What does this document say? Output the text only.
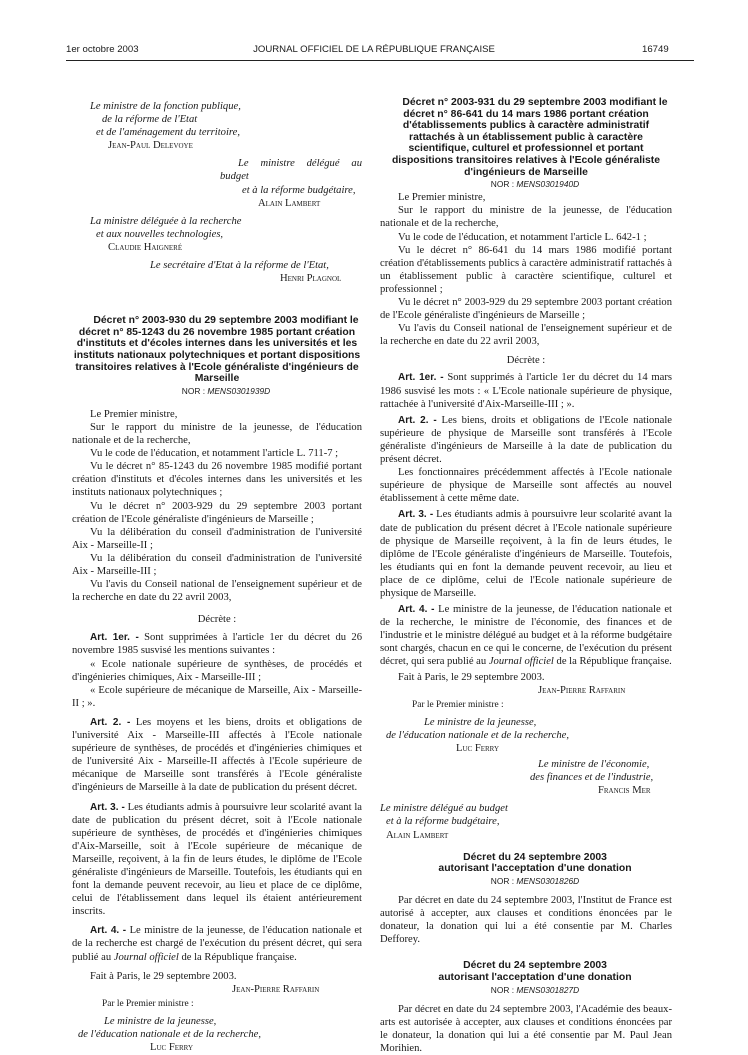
1er octobre 2003	JOURNAL OFFICIEL DE LA RÉPUBLIQUE FRANÇAISE	16749

Le ministre de la fonction publique,

de la réforme de l'Etat

et de l'aménagement du territoire,

Jean-Paul Delevoye

Le ministre délégué au budget

et à la réforme budgétaire,

Alain Lambert

La ministre déléguée à la recherche

et aux nouvelles technologies,

Claudie Haigneré

Le secrétaire d'Etat à la réforme de l'Etat,

Henri Plagnol

Décret n° 2003-930 du 29 septembre 2003 modifiant le décret n° 85-1243 du 26 novembre 1985 portant création d'instituts et d'écoles internes dans les universités et les instituts nationaux polytechniques et portant dispositions transitoires relatives à l'Ecole généraliste d'ingénieurs de Marseille

NOR : MENS0301939D

Le Premier ministre,

Sur le rapport du ministre de la jeunesse, de l'éducation nationale et de la recherche,

Vu le code de l'éducation, et notamment l'article L. 711-7 ;

Vu le décret n° 85-1243 du 26 novembre 1985 modifié portant création d'instituts et d'écoles internes dans les universités et les instituts nationaux polytechniques ;

Vu le décret n° 2003-929 du 29 septembre 2003 portant création de l'Ecole généraliste d'ingénieurs de Marseille ;

Vu la délibération du conseil d'administration de l'université Aix - Marseille-II ;

Vu la délibération du conseil d'administration de l'université Aix - Marseille-III ;

Vu l'avis du Conseil national de l'enseignement supérieur et de la recherche en date du 22 avril 2003,

Décrète :

Art. 1er. - Sont supprimées à l'article 1er du décret du 26 novembre 1985 susvisé les mentions suivantes :

« Ecole nationale supérieure de synthèses, de procédés et d'ingénieries chimiques, Aix - Marseille-III ;

« Ecole supérieure de mécanique de Marseille, Aix - Marseille-II ; ».

Art. 2. - Les moyens et les biens, droits et obligations de l'université Aix - Marseille-III affectés à l'Ecole nationale supérieure de synthèses, de procédés et d'ingénieries chimiques et de l'université Aix - Marseille-II affectés à l'Ecole supérieure de mécanique de Marseille sont transférés à l'Ecole généraliste d'ingénieurs de Marseille à la date de publication du présent décret.

Art. 3. - Les étudiants admis à poursuivre leur scolarité avant la date de publication du présent décret, soit à l'Ecole nationale supérieure de synthèses, de procédés et d'ingénieries chimiques d'Aix-Marseille, soit à l'Ecole supérieure de mécanique de Marseille, reçoivent, à la fin de leurs études, le diplôme de l'Ecole généraliste d'ingénieurs de Marseille. Toutefois, les étudiants qui en font la demande peuvent recevoir, au lieu et place de ce diplôme, celui de l'établissement dans lequel ils étaient antérieurement inscrits.

Art. 4. - Le ministre de la jeunesse, de l'éducation nationale et de la recherche est chargé de l'exécution du présent décret, qui sera publié au Journal officiel de la République française.

Fait à Paris, le 29 septembre 2003.

Jean-Pierre Raffarin

Par le Premier ministre :

Le ministre de la jeunesse,

de l'éducation nationale et de la recherche,

Luc Ferry

Décret n° 2003-931 du 29 septembre 2003 modifiant le décret n° 86-641 du 14 mars 1986 portant création d'établissements publics à caractère administratif rattachés à un établissement public à caractère scientifique, culturel et professionnel et portant dispositions transitoires relatives à l'Ecole généraliste d'ingénieurs de Marseille

NOR : MENS0301940D

Le Premier ministre,

Sur le rapport du ministre de la jeunesse, de l'éducation nationale et de la recherche,

Vu le code de l'éducation, et notamment l'article L. 642-1 ;

Vu le décret n° 86-641 du 14 mars 1986 modifié portant création d'établissements publics à caractère administratif rattachés à un établissement public à caractère scientifique, culturel et professionnel ;

Vu le décret n° 2003-929 du 29 septembre 2003 portant création de l'Ecole généraliste d'ingénieurs de Marseille ;

Vu l'avis du Conseil national de l'enseignement supérieur et de la recherche en date du 22 avril 2003,

Décrète :

Art. 1er. - Sont supprimés à l'article 1er du décret du 14 mars 1986 susvisé les mots : « L'Ecole nationale supérieure de physique, rattachée à l'université d'Aix-Marseille-III ; ».

Art. 2. - Les biens, droits et obligations de l'Ecole nationale supérieure de physique de Marseille sont transférés à l'Ecole généraliste d'ingénieurs de Marseille à la date de publication du présent décret.

Les fonctionnaires précédemment affectés à l'Ecole nationale supérieure de physique de Marseille sont affectés au nouvel établissement à cette même date.

Art. 3. - Les étudiants admis à poursuivre leur scolarité avant la date de publication du présent décret à l'Ecole nationale supérieure de physique de Marseille reçoivent, à la fin de leurs études, le diplôme de l'Ecole généraliste d'ingénieurs de Marseille. Toutefois, les étudiants qui en font la demande peuvent recevoir, au lieu et place de ce diplôme, celui de l'Ecole nationale supérieure de physique de Marseille.

Art. 4. - Le ministre de la jeunesse, de l'éducation nationale et de la recherche, le ministre de l'économie, des finances et de l'industrie et le ministre délégué au budget et à la réforme budgétaire sont chargés, chacun en ce qui le concerne, de l'exécution du présent décret, qui sera publié au Journal officiel de la République française.

Fait à Paris, le 29 septembre 2003.

Jean-Pierre Raffarin

Par le Premier ministre :

Le ministre de la jeunesse,

de l'éducation nationale et de la recherche,

Luc Ferry

Le ministre de l'économie,

des finances et de l'industrie,

Francis Mer

Le ministre délégué au budget

et à la réforme budgétaire,

Alain Lambert

Décret du 24 septembre 2003

autorisant l'acceptation d'une donation

NOR : MENS0301826D

Par décret en date du 24 septembre 2003, l'Institut de France est autorisé à accepter, aux clauses et conditions énoncées par le donateur, la donation qui lui a été consentie par M. Charles Defforey.

Décret du 24 septembre 2003

autorisant l'acceptation d'une donation

NOR : MENS0301827D

Par décret en date du 24 septembre 2003, l'Académie des beaux-arts est autorisée à accepter, aux clauses et conditions énoncées par le donateur, la donation qui lui a été consentie par M. Paul Jean Morihien.
